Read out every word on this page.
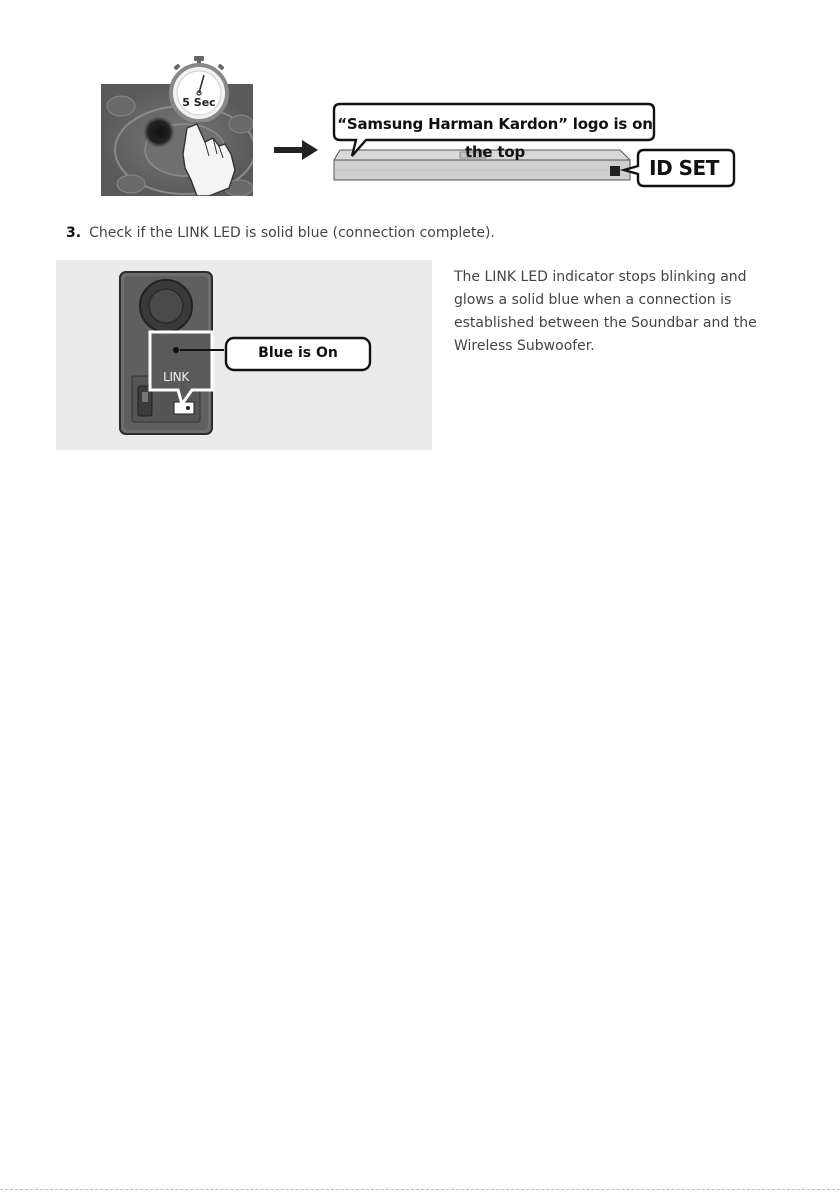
5 Sec
“Samsung Harman Kardon” logo is on the top
ID SET
3. Check if the LINK LED is solid blue (connection complete).
LINK
Blue is On

The LINK LED indicator stops blinking and

glows a solid blue when a connection is

established between the Soundbar and the

Wireless Subwoofer.
